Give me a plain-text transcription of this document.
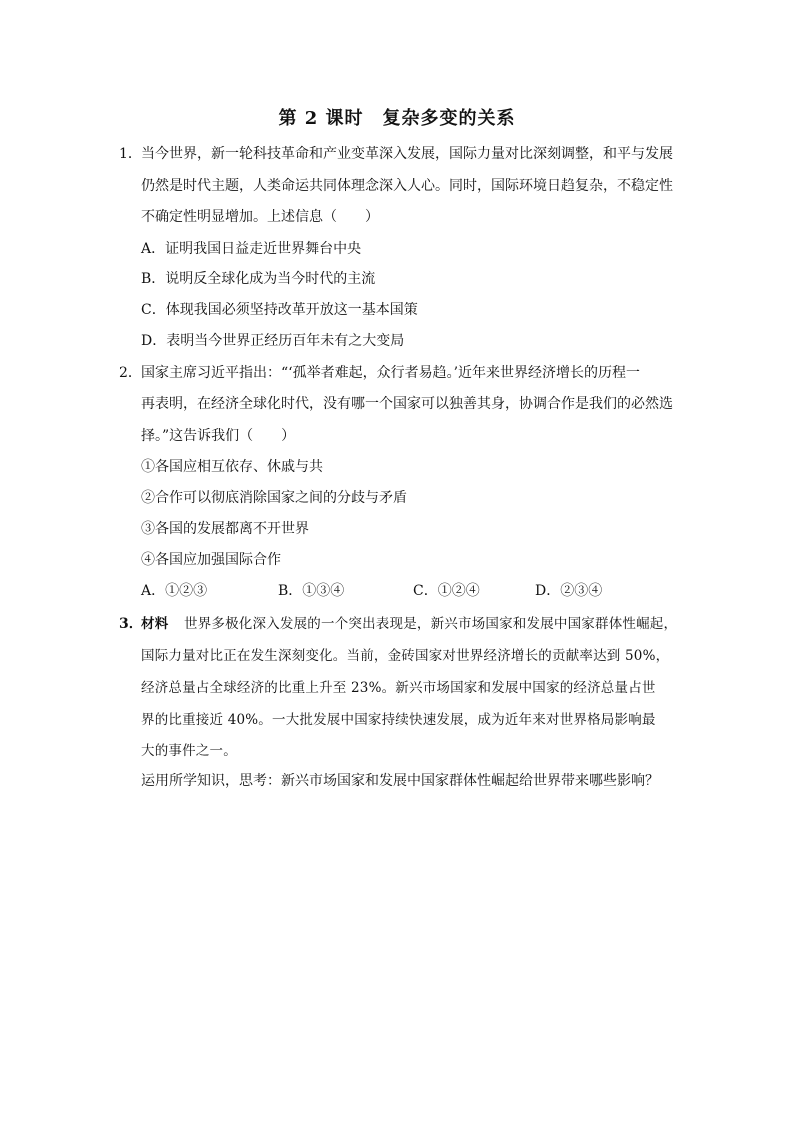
第 2 课时　复杂多变的关系
1． 当今世界，新一轮科技革命和产业变革深入发展，国际力量对比深刻调整，和平与发展
仍然是时代主题，人类命运共同体理念深入人心。同时，国际环境日趋复杂，不稳定性
不确定性明显增加。上述信息（　　）
A．证明我国日益走近世界舞台中央
B．说明反全球化成为当今时代的主流
C．体现我国必须坚持改革开放这一基本国策
D．表明当今世界正经历百年未有之大变局
2． 国家主席习近平指出：“‘孤举者难起，众行者易趋。’近年来世界经济增长的历程一
再表明，在经济全球化时代，没有哪一个国家可以独善其身，协调合作是我们的必然选
择。”这告诉我们（　　）
①各国应相互依存、休戚与共
②合作可以彻底消除国家之间的分歧与矛盾
③各国的发展都离不开世界
④各国应加强国际合作
A．①②③	B．①③④	C．①②④	D．②③④
3．
材料 世界多极化深入发展的一个突出表现是，新兴市场国家和发展中国家群体性崛起，
国际力量对比正在发生深刻变化。当前，金砖国家对世界经济增长的贡献率达到 50%，
经济总量占全球经济的比重上升至 23%。新兴市场国家和发展中国家的经济总量占世
界的比重接近 40%。一大批发展中国家持续快速发展，成为近年来对世界格局影响最
大的事件之一。
运用所学知识，思考：新兴市场国家和发展中国家群体性崛起给世界带来哪些影响？
